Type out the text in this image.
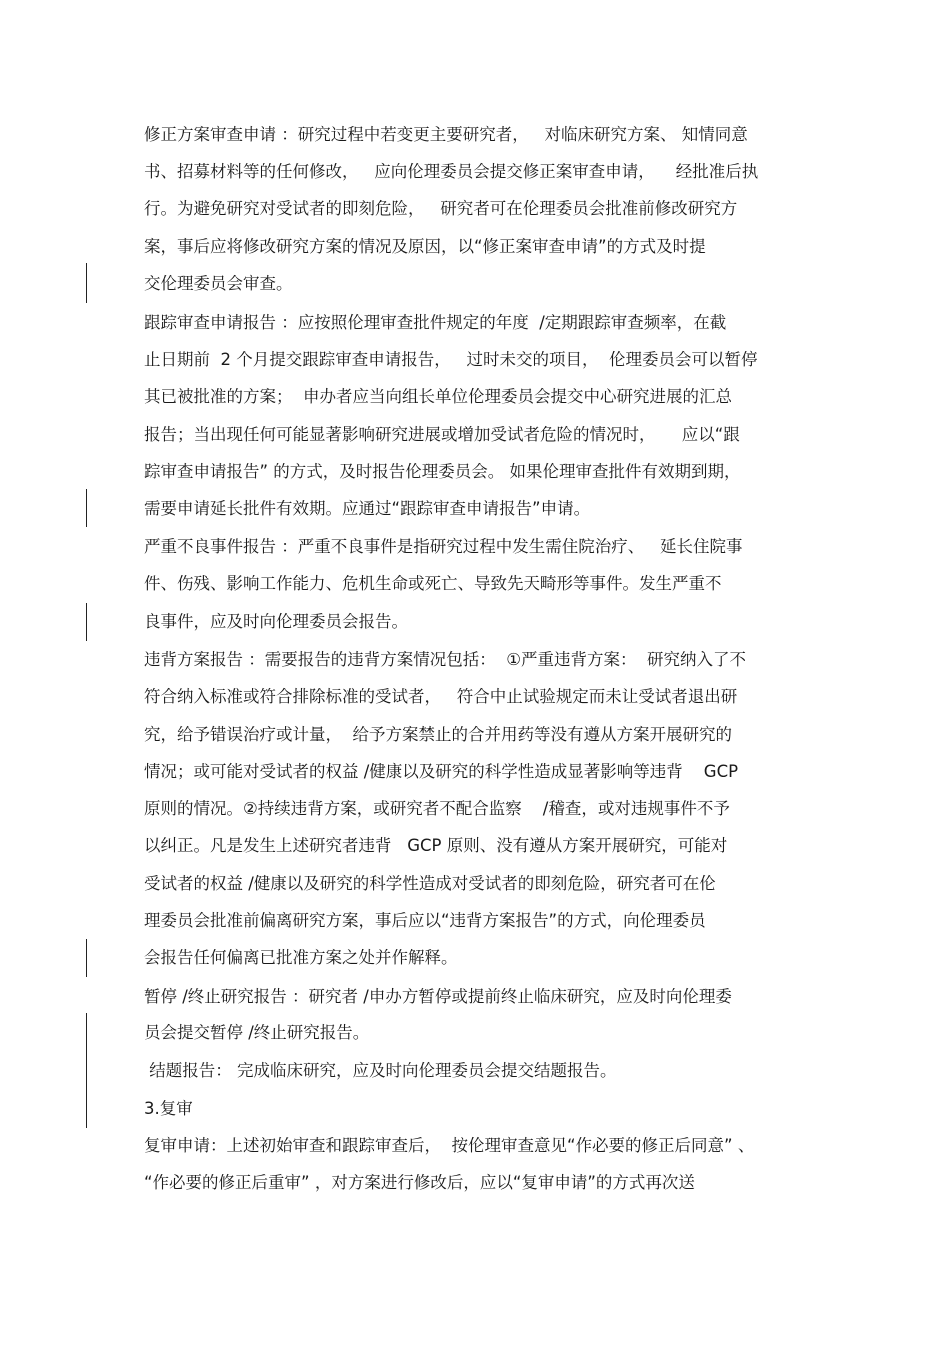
修正方案审查申请 ：研究过程中若变更主要研究者，   对临床研究方案、 知情同意
书、招募材料等的任何修改，   应向伦理委员会提交修正案审查申请，    经批准后执
行。为避免研究对受试者的即刻危险，   研究者可在伦理委员会批准前修改研究方
案，事后应将修改研究方案的情况及原因，以“修正案审查申请”的方式及时提
交伦理委员会审查。
跟踪审查申请报告 ：应按照伦理审查批件规定的年度  /定期跟踪审查频率，在截
止日期前  2 个月提交跟踪审查申请报告，   过时未交的项目，  伦理委员会可以暂停
其已被批准的方案；  申办者应当向组长单位伦理委员会提交中心研究进展的汇总
报告；当出现任何可能显著影响研究进展或增加受试者危险的情况时，     应以“跟
踪审查申请报告” 的方式，及时报告伦理委员会。 如果伦理审查批件有效期到期，
需要申请延长批件有效期。应通过“跟踪审查申请报告”申请。
严重不良事件报告 ：严重不良事件是指研究过程中发生需住院治疗、   延长住院事
件、伤残、影响工作能力、危机生命或死亡、导致先天畸形等事件。发生严重不
良事件，应及时向伦理委员会报告。
违背方案报告 ：需要报告的违背方案情况包括：  ①严重违背方案：  研究纳入了不
符合纳入标准或符合排除标准的受试者，   符合中止试验规定而未让受试者退出研
究，给予错误治疗或计量，  给予方案禁止的合并用药等没有遵从方案开展研究的
情况；或可能对受试者的权益 /健康以及研究的科学性造成显著影响等违背    GCP
原则的情况。②持续违背方案，或研究者不配合监察    /稽查，或对违规事件不予
以纠正。凡是发生上述研究者违背   GCP 原则、没有遵从方案开展研究，可能对
受试者的权益 /健康以及研究的科学性造成对受试者的即刻危险，研究者可在伦
理委员会批准前偏离研究方案，事后应以“违背方案报告”的方式，向伦理委员
会报告任何偏离已批准方案之处并作解释。
暂停 /终止研究报告 ：研究者 /申办方暂停或提前终止临床研究，应及时向伦理委
员会提交暂停 /终止研究报告。
结题报告： 完成临床研究，应及时向伦理委员会提交结题报告。
3.复审
复审申请：上述初始审查和跟踪审查后，  按伦理审查意见“作必要的修正后同意” 、
“作必要的修正后重审” ，对方案进行修改后，应以“复审申请”的方式再次送
